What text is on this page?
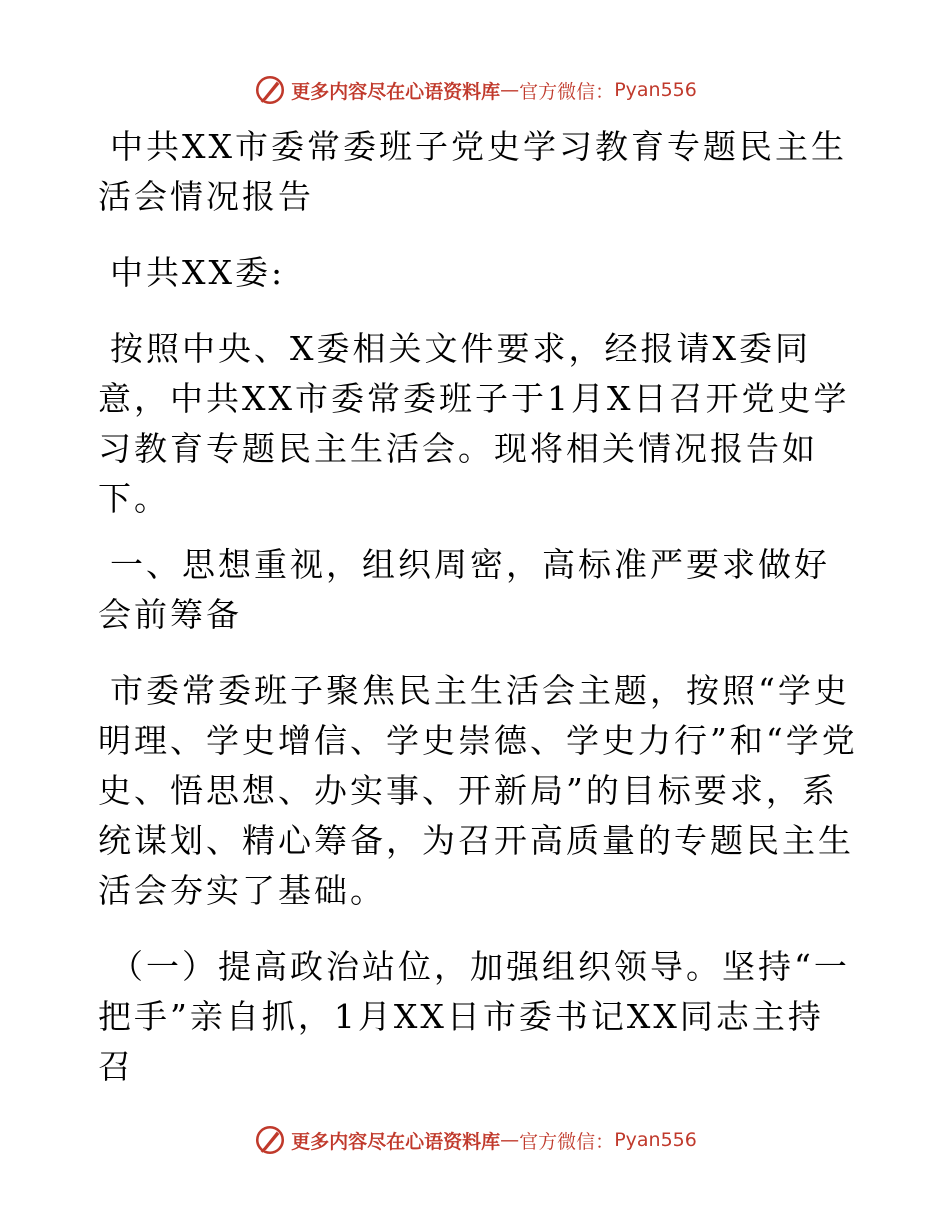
更多内容尽在心语资料库 — 官方微信： Pyan556

中共XX市委常委班子党史学习教育专题民主生活会情况报告

中共XX委:

按照中央、X委相关文件要求，经报请X委同意，中共XX市委常委班子于1月X日召开党史学习教育专题民主生活会。现将相关情况报告如下。

一、思想重视，组织周密，高标准严要求做好会前筹备

市委常委班子聚焦民主生活会主题，按照“学史明理、学史增信、学史崇德、学史力行”和“学党史、悟思想、办实事、开新局”的目标要求，系统谋划、精心筹备，为召开高质量的专题民主生活会夯实了基础。

（一）提高政治站位，加强组织领导。坚持“一把手”亲自抓，1月XX日市委书记XX同志主持召

更多内容尽在心语资料库 — 官方微信： Pyan556
